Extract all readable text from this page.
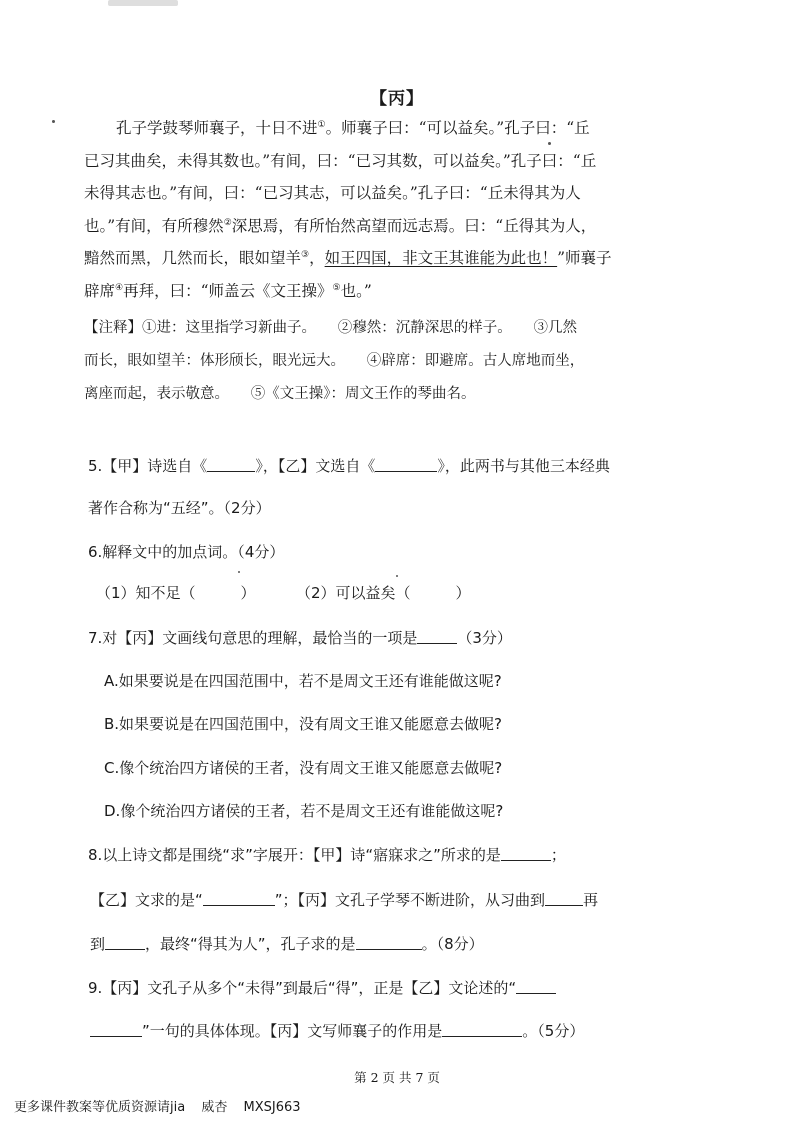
【丙】
孔子学鼓琴师襄子，十日不进①。师襄子曰：“可以益矣。”孔子曰：“丘
已习其曲矣，未得其数也。”有间，曰：“已习其数，可以益矣。”孔子曰：“丘
未得其志也。”有间，曰：“已习其志，可以益矣。”孔子曰：“丘未得其为人
也。”有间，有所穆然②深思焉，有所怡然高望而远志焉。曰：“丘得其为人，
黯然而黑，几然而长，眼如望羊③，如王四国，非文王其谁能为此也！”师襄子
辟席④再拜，曰：“师盖云《文王操》⑤也。”
【注释】①进：这里指学习新曲子。　　②穆然：沉静深思的样子。　　③几然
而长，眼如望羊：体形颀长，眼光远大。　　④辟席：即避席。古人席地而坐，
离座而起，表示敬意。　　⑤《文王操》：周文王作的琴曲名。
5.【甲】诗选自《	》，【乙】文选自《	》，此两书与其他三本经典
著作合称为“五经”。（2分）
6.解释文中的加点词。（4分）
（1）知不足（　　　）	（2）可以益矣（　　　）
7.对【丙】文画线句意思的理解，最恰当的一项是	（3分）
A.如果要说是在四国范围中，若不是周文王还有谁能做这呢?
B.如果要说是在四国范围中，没有周文王谁又能愿意去做呢?
C.像个统治四方诸侯的王者，没有周文王谁又能愿意去做呢?
D.像个统治四方诸侯的王者，若不是周文王还有谁能做这呢?
8.以上诗文都是围绕“求”字展开：【甲】诗“寤寐求之”所求的是	；
【乙】文求的是“	”；【丙】文孔子学琴不断进阶，从习曲到	再
到	，最终“得其为人”，孔子求的是	。（8分）
9.【丙】文孔子从多个“未得”到最后“得”，正是【乙】文论述的“
”一句的具体体现。【丙】文写师襄子的作用是	。（5分）
第 2 页 共 7 页
更多课件教案等优质资源请jia 威杏 MXSJ663
